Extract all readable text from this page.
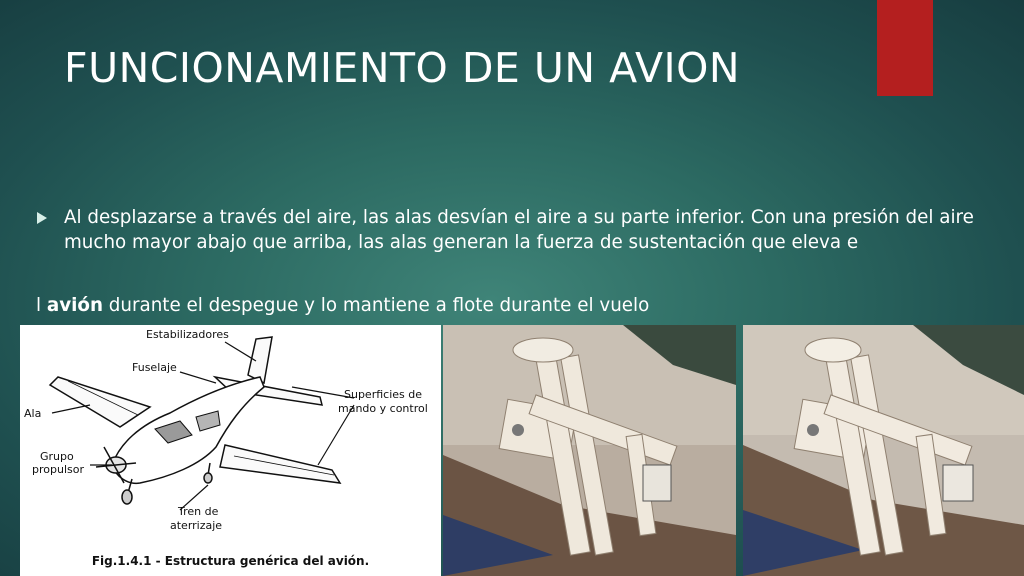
FUNCIONAMIENTO DE UN AVION
Al desplazarse a través del aire, las alas desvían el aire a su parte inferior. Con una presión del aire mucho mayor abajo que arriba, las alas generan la fuerza de sustentación que eleva e
l avión durante el despegue y lo mantiene a flote durante el vuelo
Estabilizadores
Fuselaje
Superficies de
mando y control
Ala
Grupo
propulsor
Tren de
aterrizaje
Fig.1.4.1 - Estructura genérica del avión.
